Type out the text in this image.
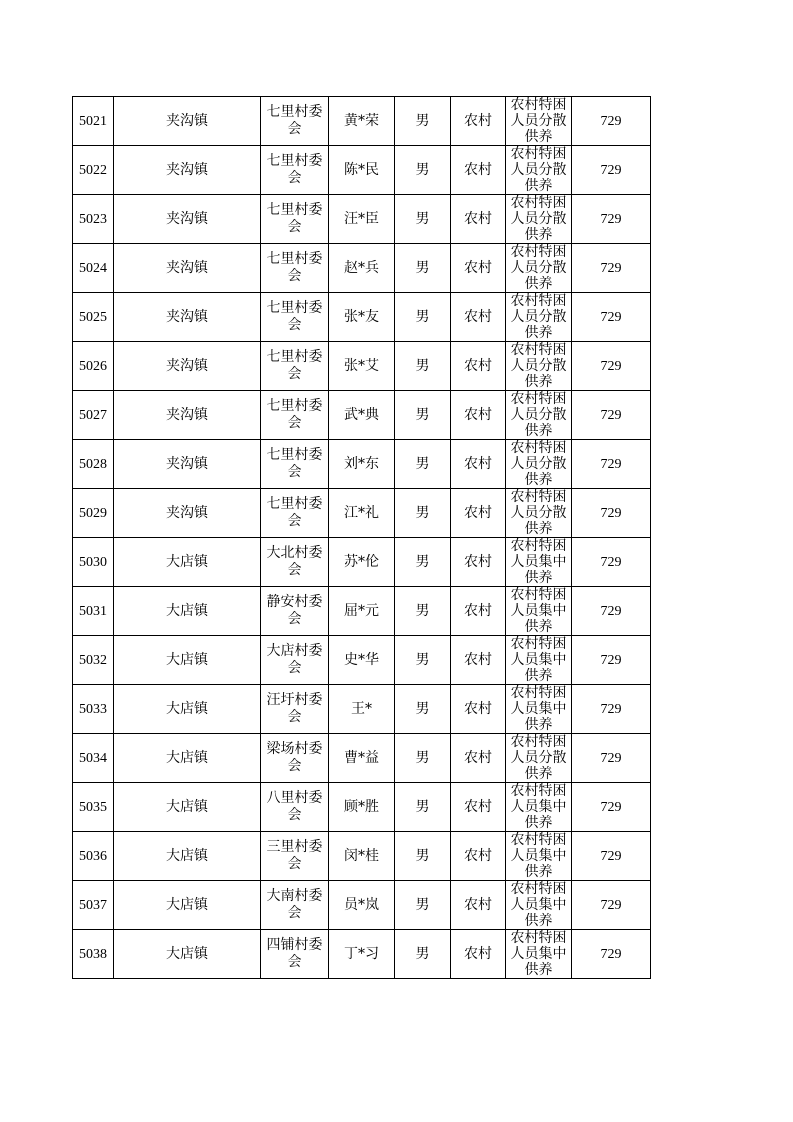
5021	夹沟镇	七里村委会	黄*荣	男	农村	农村特困人员分散供养	729
5022	夹沟镇	七里村委会	陈*民	男	农村	农村特困人员分散供养	729
5023	夹沟镇	七里村委会	汪*臣	男	农村	农村特困人员分散供养	729
5024	夹沟镇	七里村委会	赵*兵	男	农村	农村特困人员分散供养	729
5025	夹沟镇	七里村委会	张*友	男	农村	农村特困人员分散供养	729
5026	夹沟镇	七里村委会	张*艾	男	农村	农村特困人员分散供养	729
5027	夹沟镇	七里村委会	武*典	男	农村	农村特困人员分散供养	729
5028	夹沟镇	七里村委会	刘*东	男	农村	农村特困人员分散供养	729
5029	夹沟镇	七里村委会	江*礼	男	农村	农村特困人员分散供养	729
5030	大店镇	大北村委会	苏*伦	男	农村	农村特困人员集中供养	729
5031	大店镇	静安村委会	屈*元	男	农村	农村特困人员集中供养	729
5032	大店镇	大店村委会	史*华	男	农村	农村特困人员集中供养	729
5033	大店镇	汪圩村委会	王*	男	农村	农村特困人员集中供养	729
5034	大店镇	梁场村委会	曹*益	男	农村	农村特困人员分散供养	729
5035	大店镇	八里村委会	顾*胜	男	农村	农村特困人员集中供养	729
5036	大店镇	三里村委会	闵*桂	男	农村	农村特困人员集中供养	729
5037	大店镇	大南村委会	员*岚	男	农村	农村特困人员集中供养	729
5038	大店镇	四铺村委会	丁*习	男	农村	农村特困人员集中供养	729
